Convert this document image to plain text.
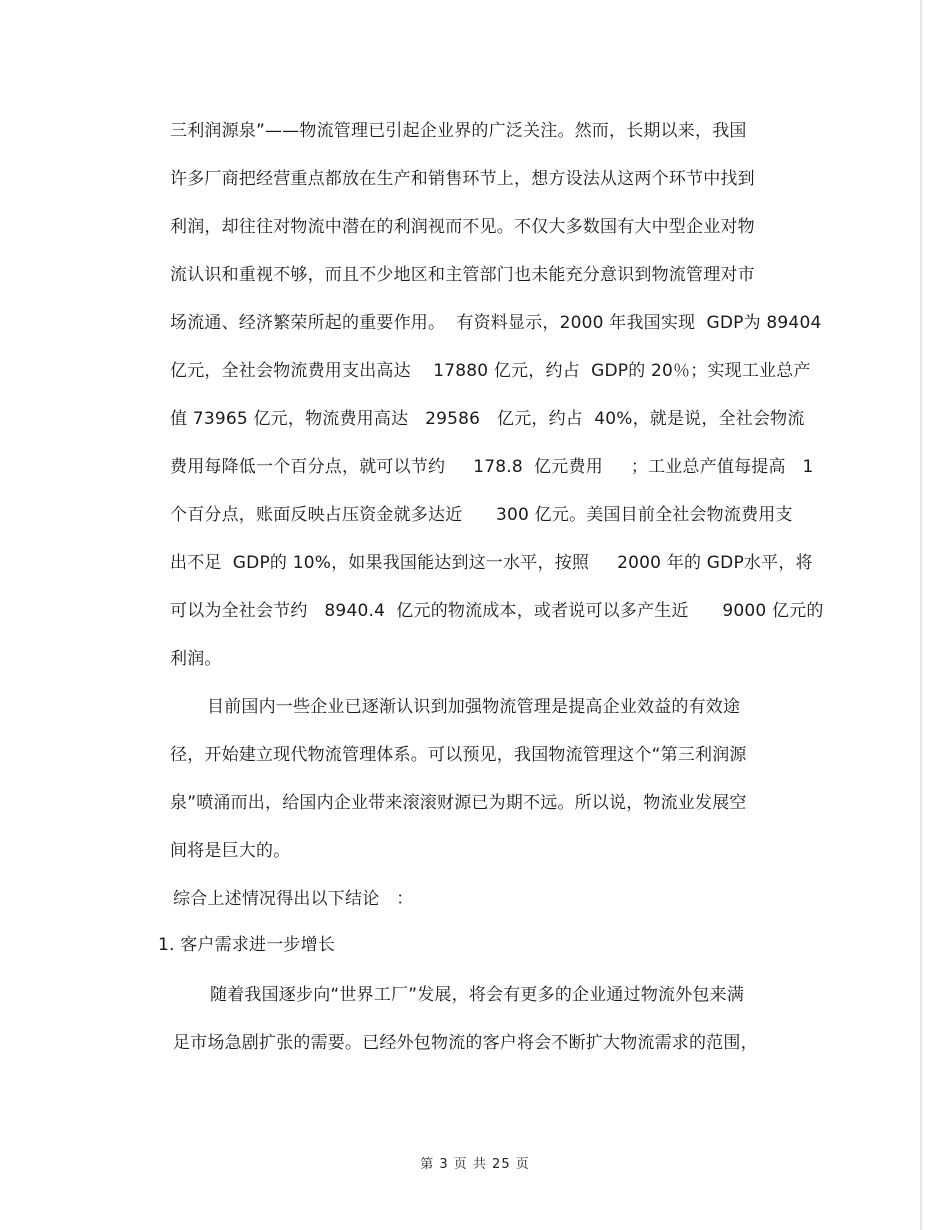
三利润源泉”——物流管理已引起企业界的广泛关注。然而，长期以来，我国
许多厂商把经营重点都放在生产和销售环节上，想方设法从这两个环节中找到
利润，却往往对物流中潜在的利润视而不见。不仅大多数国有大中型企业对物
流认识和重视不够，而且不少地区和主管部门也未能充分意识到物流管理对市
场流通、经济繁荣所起的重要作用。  有资料显示，2000 年我国实现  GDP为 89404
亿元，全社会物流费用支出高达    17880 亿元，约占  GDP的 20％；实现工业总产
值 73965 亿元，物流费用高达   29586   亿元，约占  40%，就是说，全社会物流
费用每降低一个百分点，就可以节约     178.8  亿元费用     ；工业总产值每提高   1
个百分点，账面反映占压资金就多达近      300 亿元。美国目前全社会物流费用支
出不足  GDP的 10%，如果我国能达到这一水平，按照     2000 年的 GDP水平，将
可以为全社会节约   8940.4  亿元的物流成本，或者说可以多产生近      9000 亿元的
利润。
目前国内一些企业已逐渐认识到加强物流管理是提高企业效益的有效途
径，开始建立现代物流管理体系。可以预见，我国物流管理这个“第三利润源
泉”喷涌而出，给国内企业带来滚滚财源已为期不远。所以说，物流业发展空
间将是巨大的。
综合上述情况得出以下结论   ：
1. 客户需求进一步增长
随着我国逐步向“世界工厂”发展，将会有更多的企业通过物流外包来满
足市场急剧扩张的需要。已经外包物流的客户将会不断扩大物流需求的范围，
第 3 页 共 25 页
